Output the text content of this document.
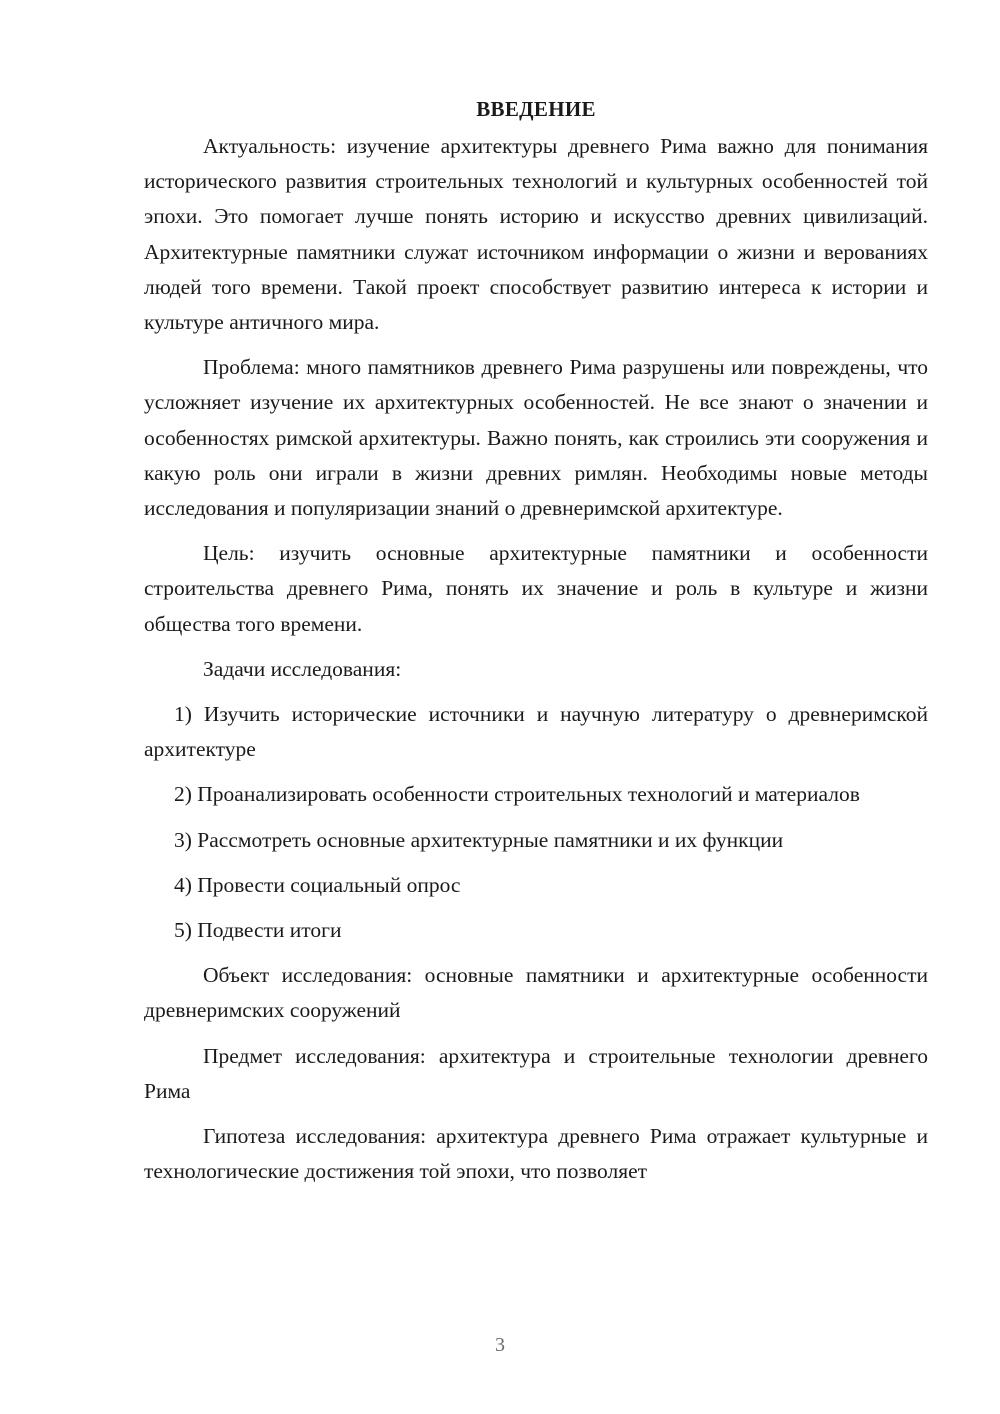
ВВЕДЕНИЕ

Актуальность: изучение архитектуры древнего Рима важно для понимания исторического развития строительных технологий и культурных особенностей той эпохи. Это помогает лучше понять историю и искусство древних цивилизаций. Архитектурные памятники служат источником информации о жизни и верованиях людей того времени. Такой проект способствует развитию интереса к истории и культуре античного мира.

Проблема: много памятников древнего Рима разрушены или повреждены, что усложняет изучение их архитектурных особенностей. Не все знают о значении и особенностях римской архитектуры. Важно понять, как строились эти сооружения и какую роль они играли в жизни древних римлян. Необходимы новые методы исследования и популяризации знаний о древнеримской архитектуре.

Цель: изучить основные архитектурные памятники и особенности строительства древнего Рима, понять их значение и роль в культуре и жизни общества того времени.

Задачи исследования:

1) Изучить исторические источники и научную литературу о древнеримской архитектуре

2) Проанализировать особенности строительных технологий и материалов

3) Рассмотреть основные архитектурные памятники и их функции

4) Провести социальный опрос

5) Подвести итоги

Объект исследования: основные памятники и архитектурные особенности древнеримских сооружений

Предмет исследования: архитектура и строительные технологии древнего Рима

Гипотеза исследования: архитектура древнего Рима отражает культурные и технологические достижения той эпохи, что позволяет

3
